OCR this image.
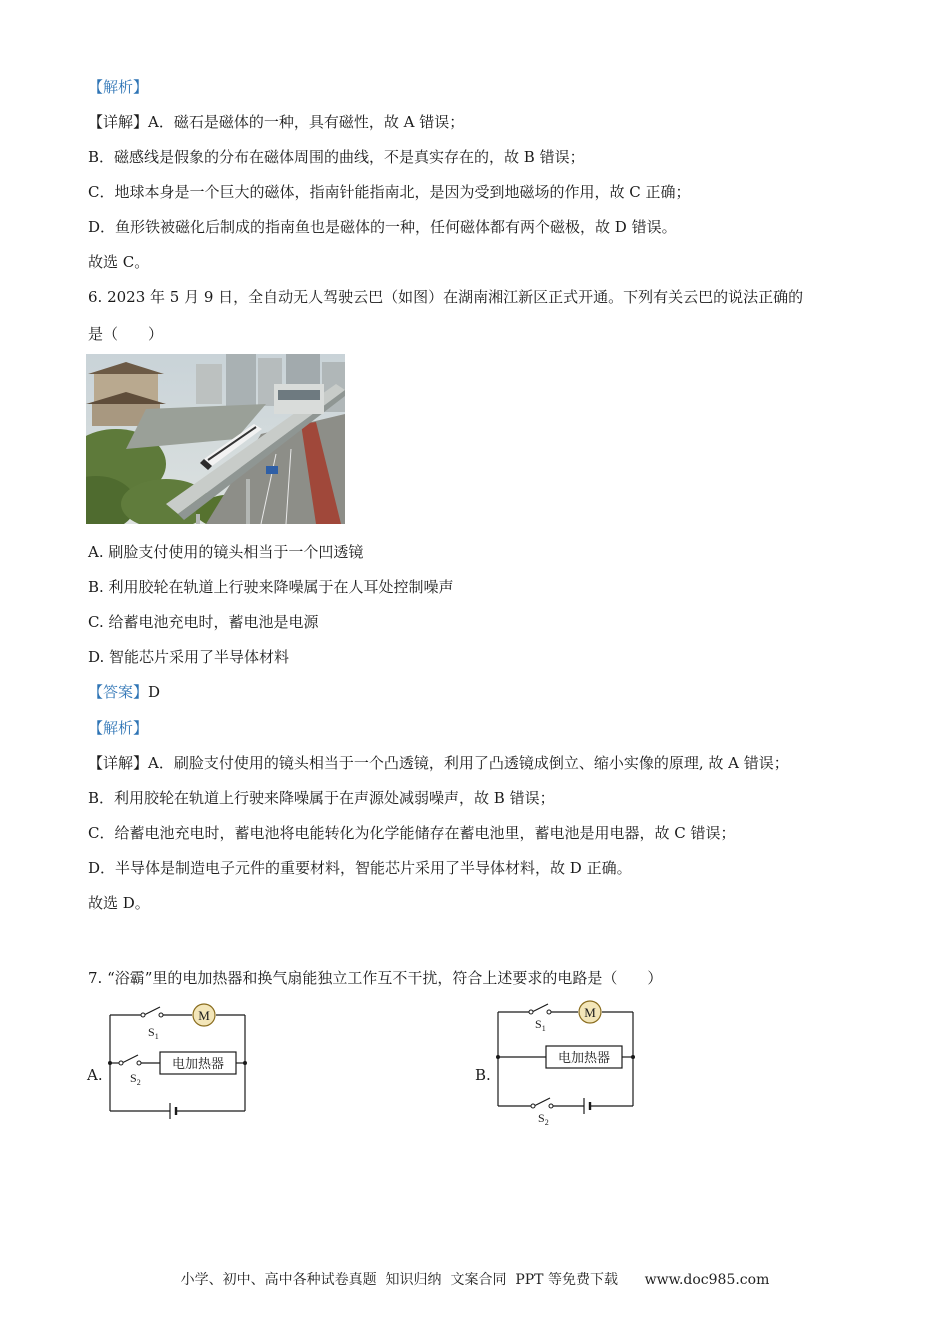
【解析】
【详解】A．磁石是磁体的一种，具有磁性，故 A 错误；
B．磁感线是假象的分布在磁体周围的曲线，不是真实存在的，故 B 错误；
C．地球本身是一个巨大的磁体，指南针能指南北，是因为受到地磁场的作用，故 C 正确；
D．鱼形铁被磁化后制成的指南鱼也是磁体的一种，任何磁体都有两个磁极，故 D 错误。
故选 C。
6. 2023 年 5 月 9 日，全自动无人驾驶云巴（如图）在湖南湘江新区正式开通。下列有关云巴的说法正确的
是（　　）
A. 刷脸支付使用的镜头相当于一个凹透镜
B. 利用胶轮在轨道上行驶来降噪属于在人耳处控制噪声
C. 给蓄电池充电时，蓄电池是电源
D. 智能芯片采用了半导体材料
【答案】D
【解析】
【详解】A．刷脸支付使用的镜头相当于一个凸透镜，利用了凸透镜成倒立、缩小实像的原理, 故 A 错误；
B．利用胶轮在轨道上行驶来降噪属于在声源处减弱噪声，故 B 错误；
C．给蓄电池充电时，蓄电池将电能转化为化学能储存在蓄电池里，蓄电池是用电器，故 C 错误；
D．半导体是制造电子元件的重要材料，智能芯片采用了半导体材料，故 D 正确。
故选 D。
7. “浴霸”里的电加热器和换气扇能独立工作互不干扰，符合上述要求的电路是（　　）
A.	B.
M
电加热器
$S_1$
$S_2$
M
电加热器
$S_1$
$S_2$
小学、初中、高中各种试卷真题  知识归纳  文案合同  PPT 等免费下载      www.doc985.com
